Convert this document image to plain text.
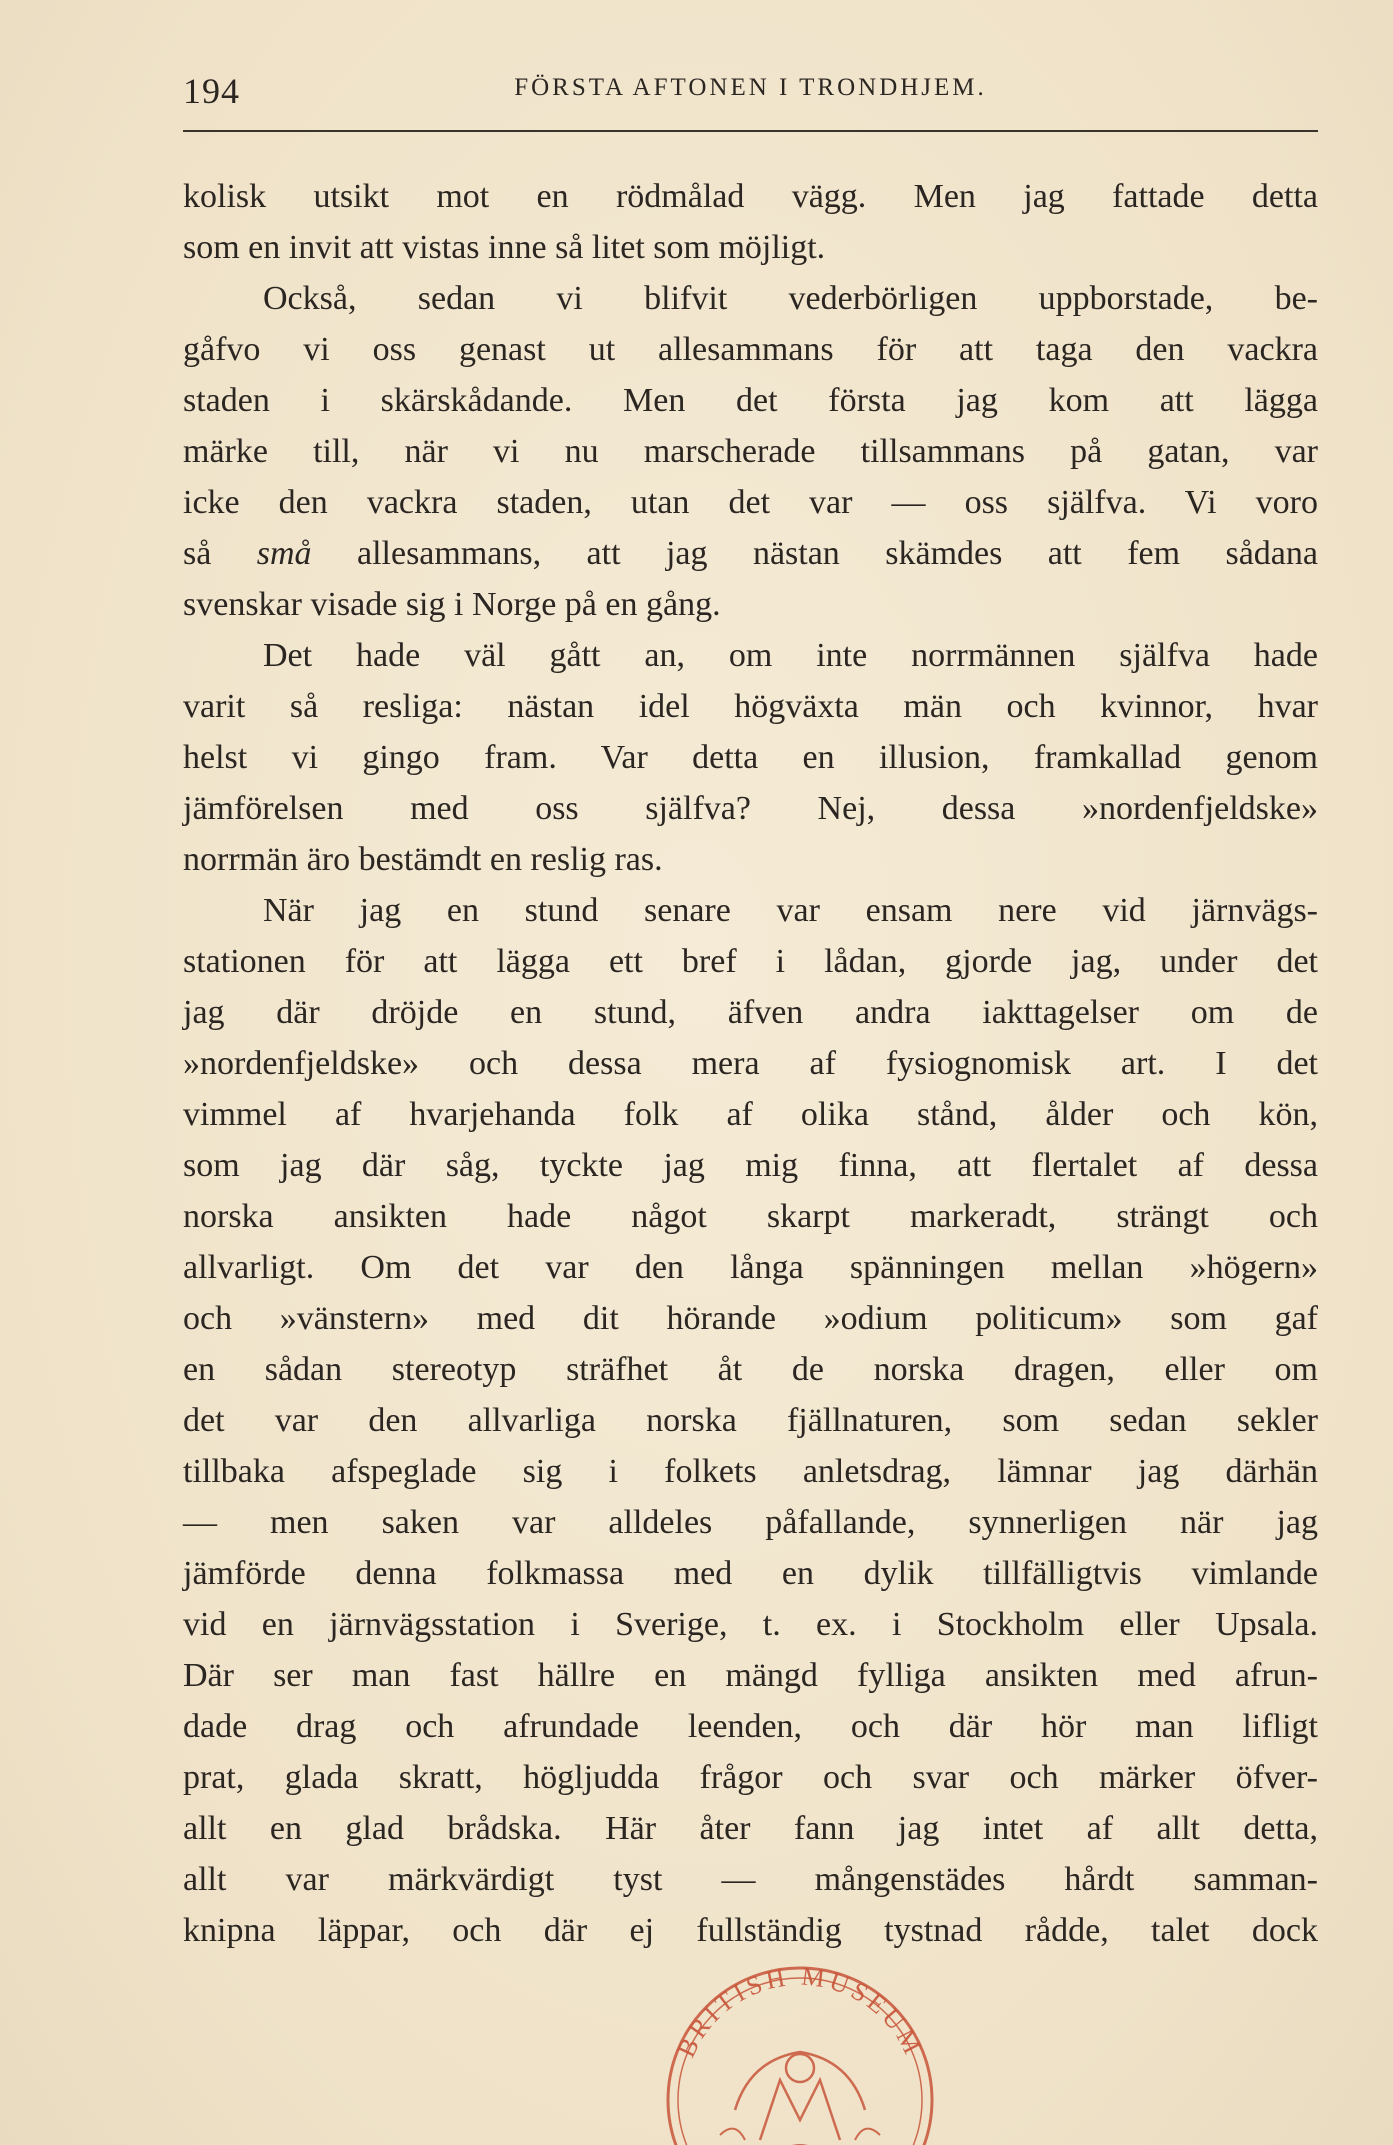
194	FÖRSTA AFTONEN I TRONDHJEM.
kolisk utsikt mot en rödmålad vägg. Men jag fattade detta
som en invit att vistas inne så litet som möjligt.
Också, sedan vi blifvit vederbörligen uppborstade, be-
gåfvo vi oss genast ut allesammans för att taga den vackra
staden i skärskådande. Men det första jag kom att lägga
märke till, när vi nu marscherade tillsammans på gatan, var
icke den vackra staden, utan det var — oss själfva. Vi voro
så små allesammans, att jag nästan skämdes att fem sådana
svenskar visade sig i Norge på en gång.
Det hade väl gått an, om inte norrmännen själfva hade
varit så resliga: nästan idel högväxta män och kvinnor, hvar
helst vi gingo fram. Var detta en illusion, framkallad genom
jämförelsen med oss själfva? Nej, dessa »nordenfjeldske»
norrmän äro bestämdt en reslig ras.
När jag en stund senare var ensam nere vid järnvägs-
stationen för att lägga ett bref i lådan, gjorde jag, under det
jag där dröjde en stund, äfven andra iakttagelser om de
»nordenfjeldske» och dessa mera af fysiognomisk art. I det
vimmel af hvarjehanda folk af olika stånd, ålder och kön,
som jag där såg, tyckte jag mig finna, att flertalet af dessa
norska ansikten hade något skarpt markeradt, strängt och
allvarligt. Om det var den långa spänningen mellan »högern»
och »vänstern» med dit hörande »odium politicum» som gaf
en sådan stereotyp sträfhet åt de norska dragen, eller om
det var den allvarliga norska fjällnaturen, som sedan sekler
tillbaka afspeglade sig i folkets anletsdrag, lämnar jag därhän
— men saken var alldeles påfallande, synnerligen när jag
jämförde denna folkmassa med en dylik tillfälligtvis vimlande
vid en järnvägsstation i Sverige, t. ex. i Stockholm eller Upsala.
Där ser man fast hällre en mängd fylliga ansikten med afrun-
dade drag och afrundade leenden, och där hör man lifligt
prat, glada skratt, högljudda frågor och svar och märker öfver-
allt en glad brådska. Här åter fann jag intet af allt detta,
allt var märkvärdigt tyst — mångenstädes hårdt samman-
knipna läppar, och där ej fullständig tystnad rådde, talet dock
BRITISH MUSEUM
